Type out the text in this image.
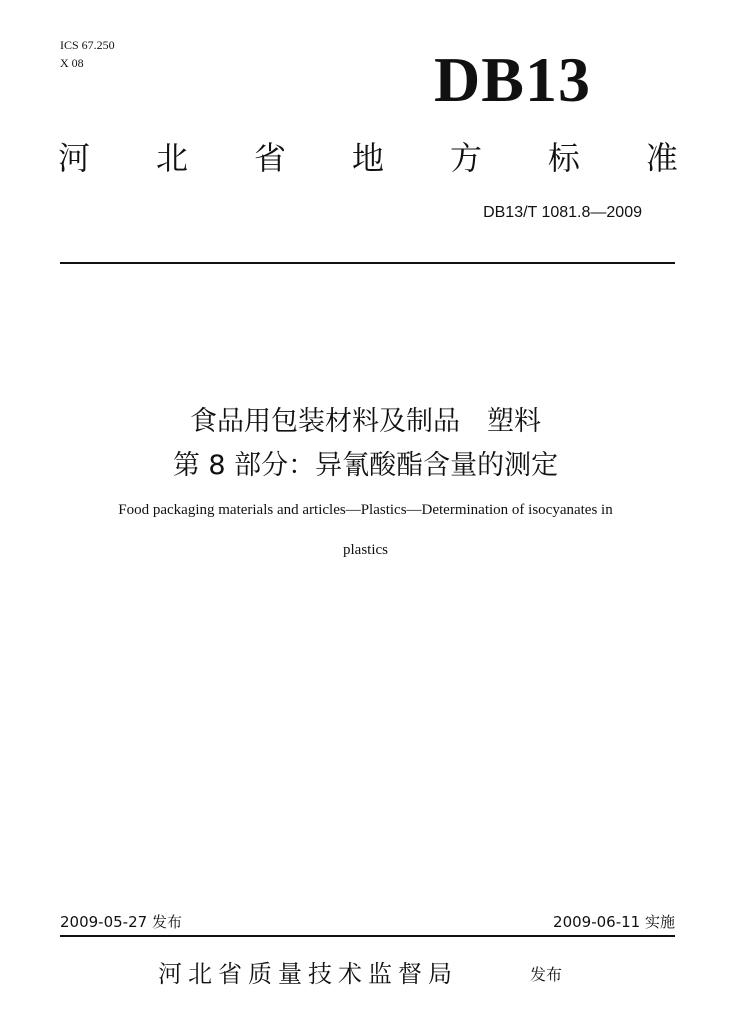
ICS 67.250
X 08	DB13
河 北 省 地 方 标 准
DB13/T 1081.8—2009
食品用包装材料及制品　塑料
第 8 部分：异氰酸酯含量的测定
Food packaging materials and articles—Plastics—Determination of isocyanates in
plastics
2009-05-27 发布	2009-06-11 实施
河北省质量技术监督局	发布
